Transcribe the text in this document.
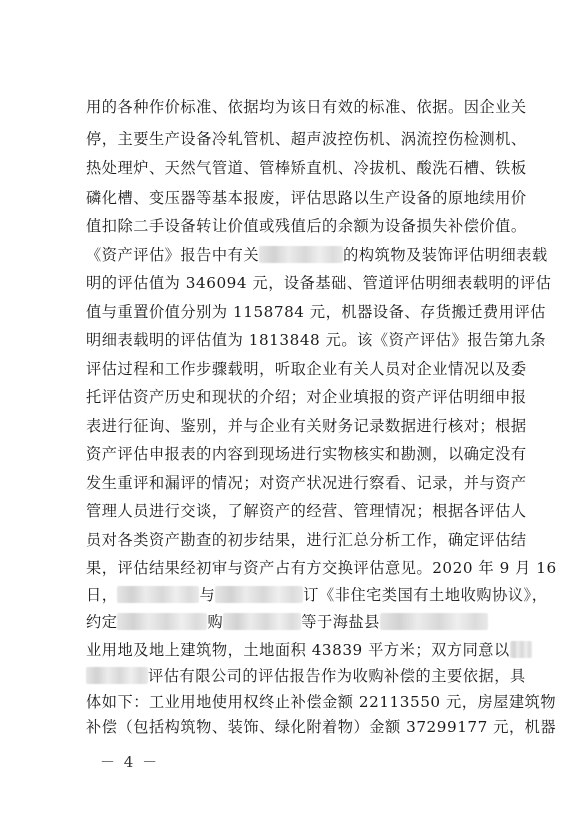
用的各种作价标准、依据均为该日有效的标准、依据。因企业关
停，主要生产设备冷轧管机、超声波控伤机、涡流控伤检测机、
热处理炉、天然气管道、管棒矫直机、冷拔机、酸洗石槽、铁板
磷化槽、变压器等基本报废，评估思路以生产设备的原地续用价
值扣除二手设备转让价值或残值后的余额为设备损失补偿价值。
《资产评估》报告中有关	的构筑物及装饰评估明细表载
明的评估值为 346094 元，设备基础、管道评估明细表载明的评估
值与重置价值分别为 1158784 元，机器设备、存货搬迁费用评估
明细表载明的评估值为 1813848 元。该《资产评估》报告第九条
评估过程和工作步骤载明，听取企业有关人员对企业情况以及委
托评估资产历史和现状的介绍；对企业填报的资产评估明细申报
表进行征询、鉴别，并与企业有关财务记录数据进行核对；根据
资产评估申报表的内容到现场进行实物核实和勘测，以确定没有
发生重评和漏评的情况；对资产状况进行察看、记录，并与资产
管理人员进行交谈，了解资产的经营、管理情况；根据各评估人
员对各类资产勘查的初步结果，进行汇总分析工作，确定评估结
果，评估结果经初审与资产占有方交换评估意见。2020 年 9 月 16
日，	与	订《非住宅类国有土地收购协议》，
约定	购	等于海盐县
业用地及地上建筑物，土地面积 43839 平方米；双方同意以
评估有限公司的评估报告作为收购补偿的主要依据，具
体如下：工业用地使用权终止补偿金额 22113550 元，房屋建筑物
补偿（包括构筑物、装饰、绿化附着物）金额 37299177 元，机器
－ 4 －
